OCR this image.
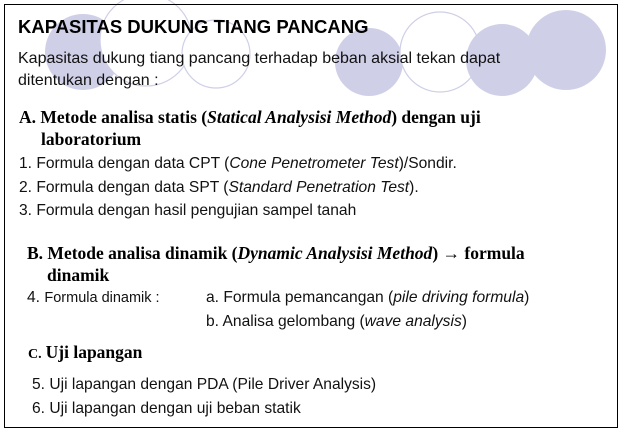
KAPASITAS DUKUNG TIANG PANCANG
Kapasitas dukung tiang pancang terhadap beban aksial tekan dapat ditentukan dengan :
A. Metode analisa statis (Statical Analysisi Method) dengan uji
laboratorium
1. Formula dengan data CPT (Cone Penetrometer Test)/Sondir.
2. Formula dengan data SPT (Standard Penetration Test).
3. Formula dengan hasil pengujian sampel tanah
B. Metode analisa dinamik (Dynamic Analysisi Method) → formula
dinamik
4. Formula dinamik :	a. Formula pemancangan (pile driving formula)
b. Analisa gelombang (wave analysis)
C. Uji lapangan
5. Uji lapangan dengan PDA (Pile Driver Analysis)
6. Uji lapangan dengan uji beban statik
